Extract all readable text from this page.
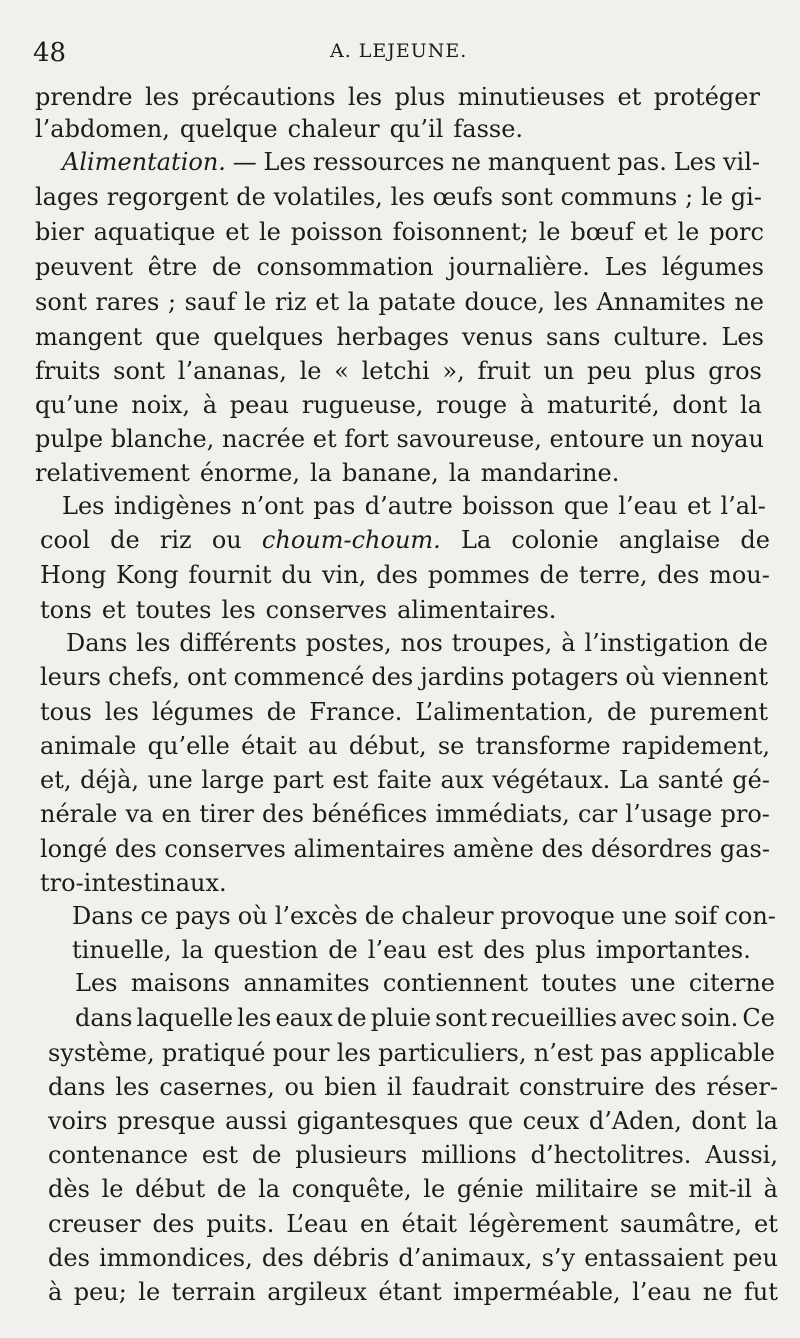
48	A. LEJEUNE.
prendre les précautions les plus minutieuses et protéger
l’abdomen, quelque chaleur qu’il fasse.
Alimentation. — Les ressources ne manquent pas. Les vil-
lages regorgent de volatiles, les œufs sont communs ; le gi-
bier aquatique et le poisson foisonnent; le bœuf et le porc
peuvent être de consommation journalière. Les légumes
sont rares ; sauf le riz et la patate douce, les Annamites ne
mangent que quelques herbages venus sans culture. Les
fruits sont l’ananas, le « letchi », fruit un peu plus gros
qu’une noix, à peau rugueuse, rouge à maturité, dont la
pulpe blanche, nacrée et fort savoureuse, entoure un noyau
relativement énorme, la banane, la mandarine.
Les indigènes n’ont pas d’autre boisson que l’eau et l’al-
cool de riz ou choum-choum. La colonie anglaise de
Hong Kong fournit du vin, des pommes de terre, des mou-
tons et toutes les conserves alimentaires.
Dans les différents postes, nos troupes, à l’instigation de
leurs chefs, ont commencé des jardins potagers où viennent
tous les légumes de France. L’alimentation, de purement
animale qu’elle était au début, se transforme rapidement,
et, déjà, une large part est faite aux végétaux. La santé gé-
nérale va en tirer des bénéfices immédiats, car l’usage pro-
longé des conserves alimentaires amène des désordres gas-
tro-intestinaux.
Dans ce pays où l’excès de chaleur provoque une soif con-
tinuelle, la question de l’eau est des plus importantes.
Les maisons annamites contiennent toutes une citerne
dans laquelle les eaux de pluie sont recueillies avec soin. Ce
système, pratiqué pour les particuliers, n’est pas applicable
dans les casernes, ou bien il faudrait construire des réser-
voirs presque aussi gigantesques que ceux d’Aden, dont la
contenance est de plusieurs millions d’hectolitres. Aussi,
dès le début de la conquête, le génie militaire se mit-il à
creuser des puits. L’eau en était légèrement saumâtre, et
des immondices, des débris d’animaux, s’y entassaient peu
à peu; le terrain argileux étant imperméable, l’eau ne fut
